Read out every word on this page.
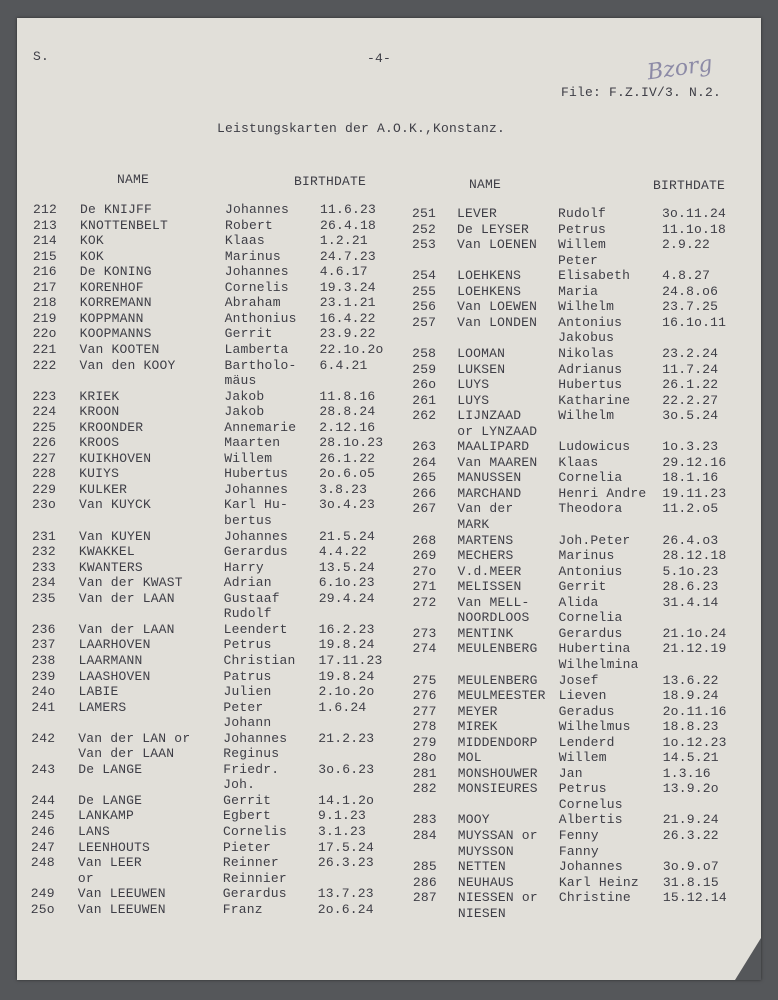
S.	-4-	Bzorg
File: F.Z.IV/3. N.2.
Leistungskarten der A.O.K.,Konstanz.
NAME	BIRTHDATE	NAME	BIRTHDATE
212 De KNIJFF	Johannes 11.6.23
213 KNOTTENBELT	Robert	26.4.18
214 KOK	Klaas	1.2.21
215 KOK	Marinus	24.7.23
216 De KONING	Johannes 4.6.17
217 KORENHOF	Cornelis 19.3.24
218 KORREMANN	Abraham	23.1.21
219 KOPPMANN	Anthonius 16.4.22
22o KOOPMANNS	Gerrit	23.9.22
221 Van KOOTEN	Lamberta 22.1o.2o
222 Van den KOOY	Bartholo- 6.4.21
mäus
223 KRIEK	Jakob	11.8.16
224 KROON	Jakob	28.8.24
225 KROONDER	Annemarie 2.12.16
226 KROOS	Maarten	28.1o.23
227 KUIKHOVEN	Willem	26.1.22
228 KUIYS	Hubertus 2o.6.o5
229 KULKER	Johannes 3.8.23
23o Van KUYCK	Karl Hu- 3o.4.23
bertus
231 Van KUYEN	Johannes 21.5.24
232 KWAKKEL	Gerardus 4.4.22
233 KWANTERS	Harry	13.5.24
234 Van der KWAST	Adrian	6.1o.23
235 Van der LAAN	Gustaaf	29.4.24
Rudolf
236 Van der LAAN	Leendert 16.2.23
237 LAARHOVEN	Petrus	19.8.24
238 LAARMANN	Christian 17.11.23
239 LAASHOVEN	Patrus	19.8.24
24o LABIE	Julien	2.1o.2o
241 LAMERS	Peter	1.6.24
Johann
242 Van der LAN or	Johannes 21.2.23
Van der LAAN	Reginus
243 De LANGE	Friedr.	3o.6.23
Joh.
244 De LANGE	Gerrit	14.1.2o
245 LANKAMP	Egbert	9.1.23
246 LANS	Cornelis 3.1.23
247 LEENHOUTS	Pieter	17.5.24
248 Van LEER	Reinner	26.3.23
or	Reinnier
249 Van LEEUWEN	Gerardus 13.7.23
25o Van LEEUWEN	Franz	2o.6.24
251 LEVER	Rudolf	3o.11.24
252 De LEYSER Petrus	11.1o.18
253 Van LOENEN Willem	2.9.22
Peter
254 LOEHKENS	Elisabeth 4.8.27
255 LOEHKENS	Maria	24.8.o6
256 Van LOEWEN Wilhelm	23.7.25
257 Van LONDEN Antonius	16.1o.11
Jakobus
258 LOOMAN	Nikolas	23.2.24
259 LUKSEN	Adrianus	11.7.24
26o LUYS	Hubertus	26.1.22
261 LUYS	Katharine 22.2.27
262 LIJNZAAD	Wilhelm	3o.5.24
or LYNZAAD
263 MAALIPARD Ludowicus 1o.3.23
264 Van MAAREN Klaas	29.12.16
265 MANUSSEN	Cornelia	18.1.16
266 MARCHAND	Henri Andre 19.11.23
267 Van der	Theodora	11.2.o5
MARK
268 MARTENS	Joh.Peter 26.4.o3
269 MECHERS	Marinus	28.12.18
27o V.d.MEER	Antonius	5.1o.23
271 MELISSEN	Gerrit	28.6.23
272 Van MELL- Alida	31.4.14
NOORDLOOS Cornelia
273 MENTINK	Gerardus	21.1o.24
274 MEULENBERG Hubertina 21.12.19
Wilhelmina
275 MEULENBERG Josef	13.6.22
276 MEULMEESTER Lieven	18.9.24
277 MEYER	Geradus	2o.11.16
278 MIREK	Wilhelmus 18.8.23
279 MIDDENDORP Lenderd	1o.12.23
28o MOL	Willem	14.5.21
281 MONSHOUWER Jan	1.3.16
282 MONSIEURES Petrus	13.9.2o
Cornelus
283 MOOY	Albertis	21.9.24
284 MUYSSAN or Fenny	26.3.22
MUYSSON	Fanny
285 NETTEN	Johannes	3o.9.o7
286 NEUHAUS	Karl Heinz 31.8.15
287 NIESSEN or Christine 15.12.14
NIESEN
